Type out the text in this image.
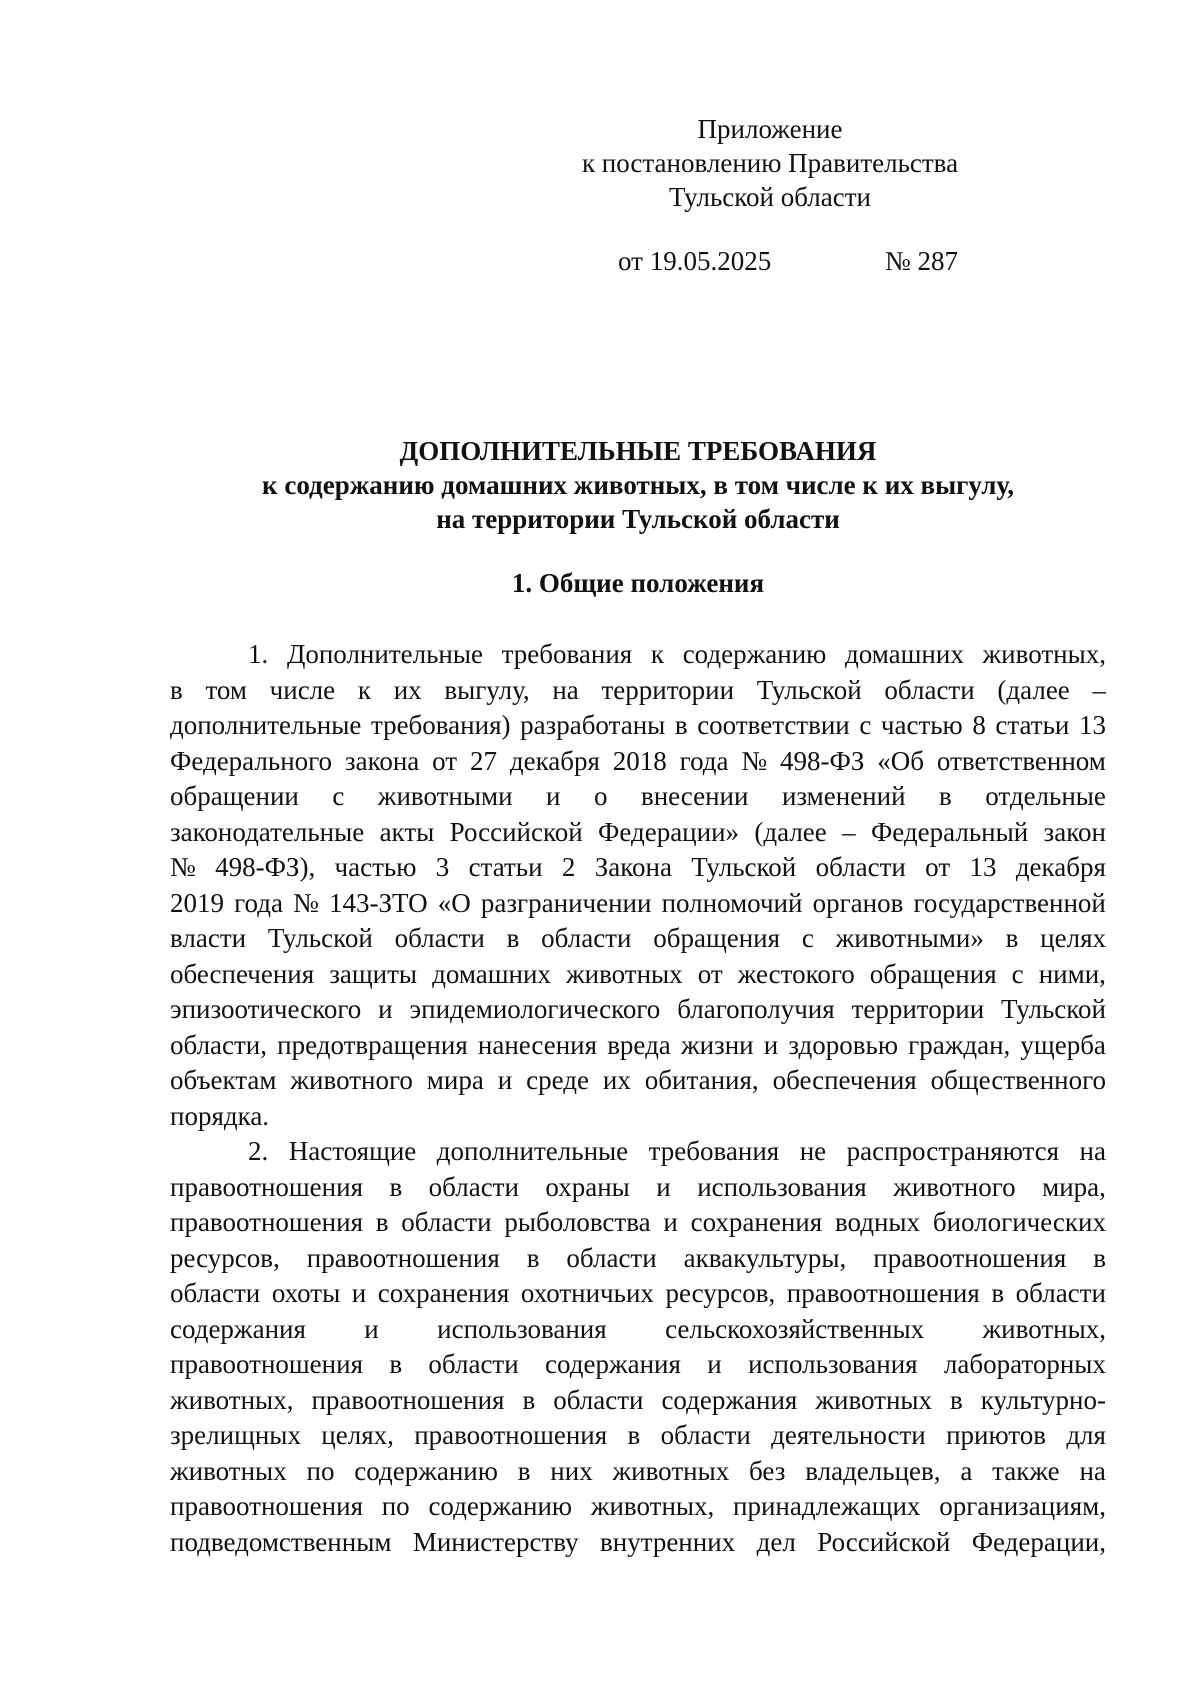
Приложение
к постановлению Правительства
Тульской области
от 19.05.2025	№ 287
ДОПОЛНИТЕЛЬНЫЕ ТРЕБОВАНИЯ
к содержанию домашних животных, в том числе к их выгулу,
на территории Тульской области
1. Общие положения
1. Дополнительные требования к содержанию домашних животных,
в том числе к их выгулу, на территории Тульской области (далее –
дополнительные требования) разработаны в соответствии с частью 8 статьи 13
Федерального закона от 27 декабря 2018 года № 498-ФЗ «Об ответственном
обращении с животными и о внесении изменений в отдельные
законодательные акты Российской Федерации» (далее – Федеральный закон
№ 498-ФЗ), частью 3 статьи 2 Закона Тульской области от 13 декабря
2019 года № 143-ЗТО «О разграничении полномочий органов государственной
власти Тульской области в области обращения с животными» в целях
обеспечения защиты домашних животных от жестокого обращения с ними,
эпизоотического и эпидемиологического благополучия территории Тульской
области, предотвращения нанесения вреда жизни и здоровью граждан, ущерба
объектам животного мира и среде их обитания, обеспечения общественного
порядка.
2. Настоящие дополнительные требования не распространяются на
правоотношения в области охраны и использования животного мира,
правоотношения в области рыболовства и сохранения водных биологических
ресурсов, правоотношения в области аквакультуры, правоотношения в
области охоты и сохранения охотничьих ресурсов, правоотношения в области
содержания и использования сельскохозяйственных животных,
правоотношения в области содержания и использования лабораторных
животных, правоотношения в области содержания животных в культурно-
зрелищных целях, правоотношения в области деятельности приютов для
животных по содержанию в них животных без владельцев, а также на
правоотношения по содержанию животных, принадлежащих организациям,
подведомственным Министерству внутренних дел Российской Федерации,
